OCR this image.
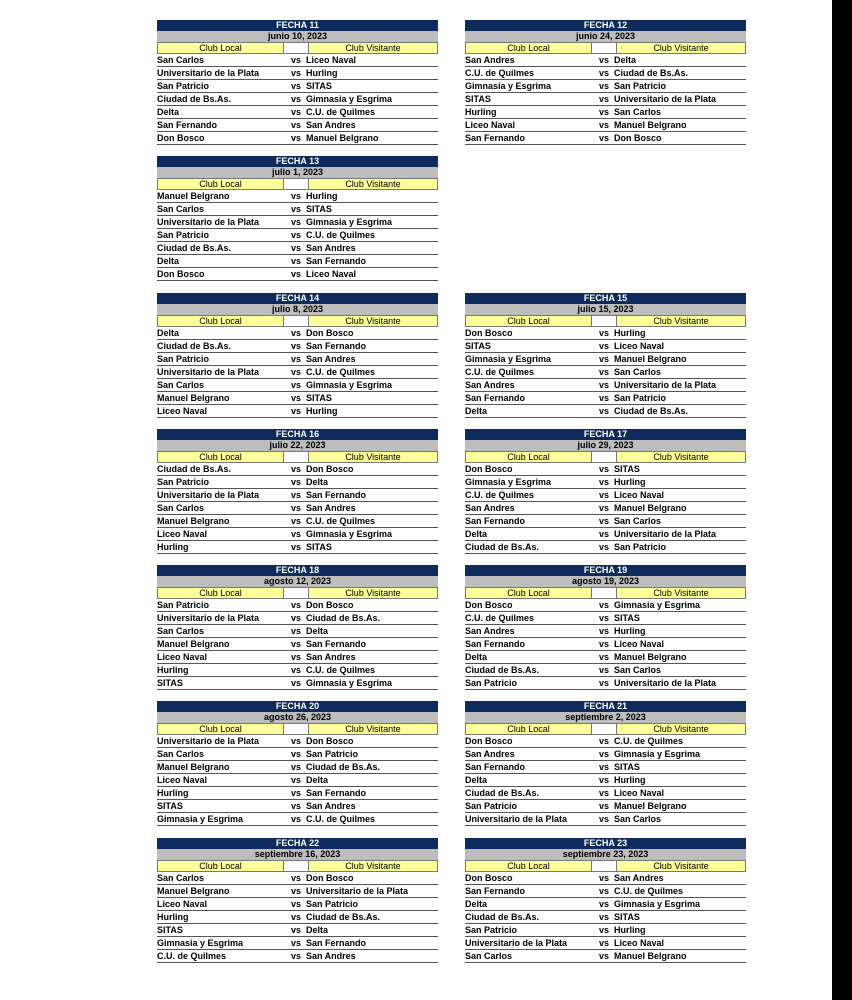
FECHA 11
junio 10, 2023
Club Local	Club Visitante
San Carlos	vs Liceo Naval
Universitario de la Plata	vs Hurling
San Patricio	vs SITAS
Ciudad de Bs.As.	vs Gimnasia y Esgrima
Delta	vs C.U. de Quilmes
San Fernando	vs San Andres
Don Bosco	vs Manuel Belgrano
FECHA 12
junio 24, 2023
Club Local	Club Visitante
San Andres	vs Delta
C.U. de Quilmes	vs Ciudad de Bs.As.
Gimnasia y Esgrima	vs San Patricio
SITAS	vs Universitario de la Plata
Hurling	vs San Carlos
Liceo Naval	vs Manuel Belgrano
San Fernando	vs Don Bosco
FECHA 13
julio 1, 2023
Club Local	Club Visitante
Manuel Belgrano	vs Hurling
San Carlos	vs SITAS
Universitario de la Plata	vs Gimnasia y Esgrima
San Patricio	vs C.U. de Quilmes
Ciudad de Bs.As.	vs San Andres
Delta	vs San Fernando
Don Bosco	vs Liceo Naval
FECHA 14
julio 8, 2023
Club Local	Club Visitante
Delta	vs Don Bosco
Ciudad de Bs.As.	vs San Fernando
San Patricio	vs San Andres
Universitario de la Plata	vs C.U. de Quilmes
San Carlos	vs Gimnasia y Esgrima
Manuel Belgrano	vs SITAS
Liceo Naval	vs Hurling
FECHA 15
julio 15, 2023
Club Local	Club Visitante
Don Bosco	vs Hurling
SITAS	vs Liceo Naval
Gimnasia y Esgrima	vs Manuel Belgrano
C.U. de Quilmes	vs San Carlos
San Andres	vs Universitario de la Plata
San Fernando	vs San Patricio
Delta	vs Ciudad de Bs.As.
FECHA 16
julio 22, 2023
Club Local	Club Visitante
Ciudad de Bs.As.	vs Don Bosco
San Patricio	vs Delta
Universitario de la Plata	vs San Fernando
San Carlos	vs San Andres
Manuel Belgrano	vs C.U. de Quilmes
Liceo Naval	vs Gimnasia y Esgrima
Hurling	vs SITAS
FECHA 17
julio 29, 2023
Club Local	Club Visitante
Don Bosco	vs SITAS
Gimnasia y Esgrima	vs Hurling
C.U. de Quilmes	vs Liceo Naval
San Andres	vs Manuel Belgrano
San Fernando	vs San Carlos
Delta	vs Universitario de la Plata
Ciudad de Bs.As.	vs San Patricio
FECHA 18
agosto 12, 2023
Club Local	Club Visitante
San Patricio	vs Don Bosco
Universitario de la Plata	vs Ciudad de Bs.As.
San Carlos	vs Delta
Manuel Belgrano	vs San Fernando
Liceo Naval	vs San Andres
Hurling	vs C.U. de Quilmes
SITAS	vs Gimnasia y Esgrima
FECHA 19
agosto 19, 2023
Club Local	Club Visitante
Don Bosco	vs Gimnasia y Esgrima
C.U. de Quilmes	vs SITAS
San Andres	vs Hurling
San Fernando	vs Liceo Naval
Delta	vs Manuel Belgrano
Ciudad de Bs.As.	vs San Carlos
San Patricio	vs Universitario de la Plata
FECHA 20
agosto 26, 2023
Club Local	Club Visitante
Universitario de la Plata	vs Don Bosco
San Carlos	vs San Patricio
Manuel Belgrano	vs Ciudad de Bs.As.
Liceo Naval	vs Delta
Hurling	vs San Fernando
SITAS	vs San Andres
Gimnasia y Esgrima	vs C.U. de Quilmes
FECHA 21
septiembre 2, 2023
Club Local	Club Visitante
Don Bosco	vs C.U. de Quilmes
San Andres	vs Gimnasia y Esgrima
San Fernando	vs SITAS
Delta	vs Hurling
Ciudad de Bs.As.	vs Liceo Naval
San Patricio	vs Manuel Belgrano
Universitario de la Plata	vs San Carlos
FECHA 22
septiembre 16, 2023
Club Local	Club Visitante
San Carlos	vs Don Bosco
Manuel Belgrano	vs Universitario de la Plata
Liceo Naval	vs San Patricio
Hurling	vs Ciudad de Bs.As.
SITAS	vs Delta
Gimnasia y Esgrima	vs San Fernando
C.U. de Quilmes	vs San Andres
FECHA 23
septiembre 23, 2023
Club Local	Club Visitante
Don Bosco	vs San Andres
San Fernando	vs C.U. de Quilmes
Delta	vs Gimnasia y Esgrima
Ciudad de Bs.As.	vs SITAS
San Patricio	vs Hurling
Universitario de la Plata	vs Liceo Naval
San Carlos	vs Manuel Belgrano
